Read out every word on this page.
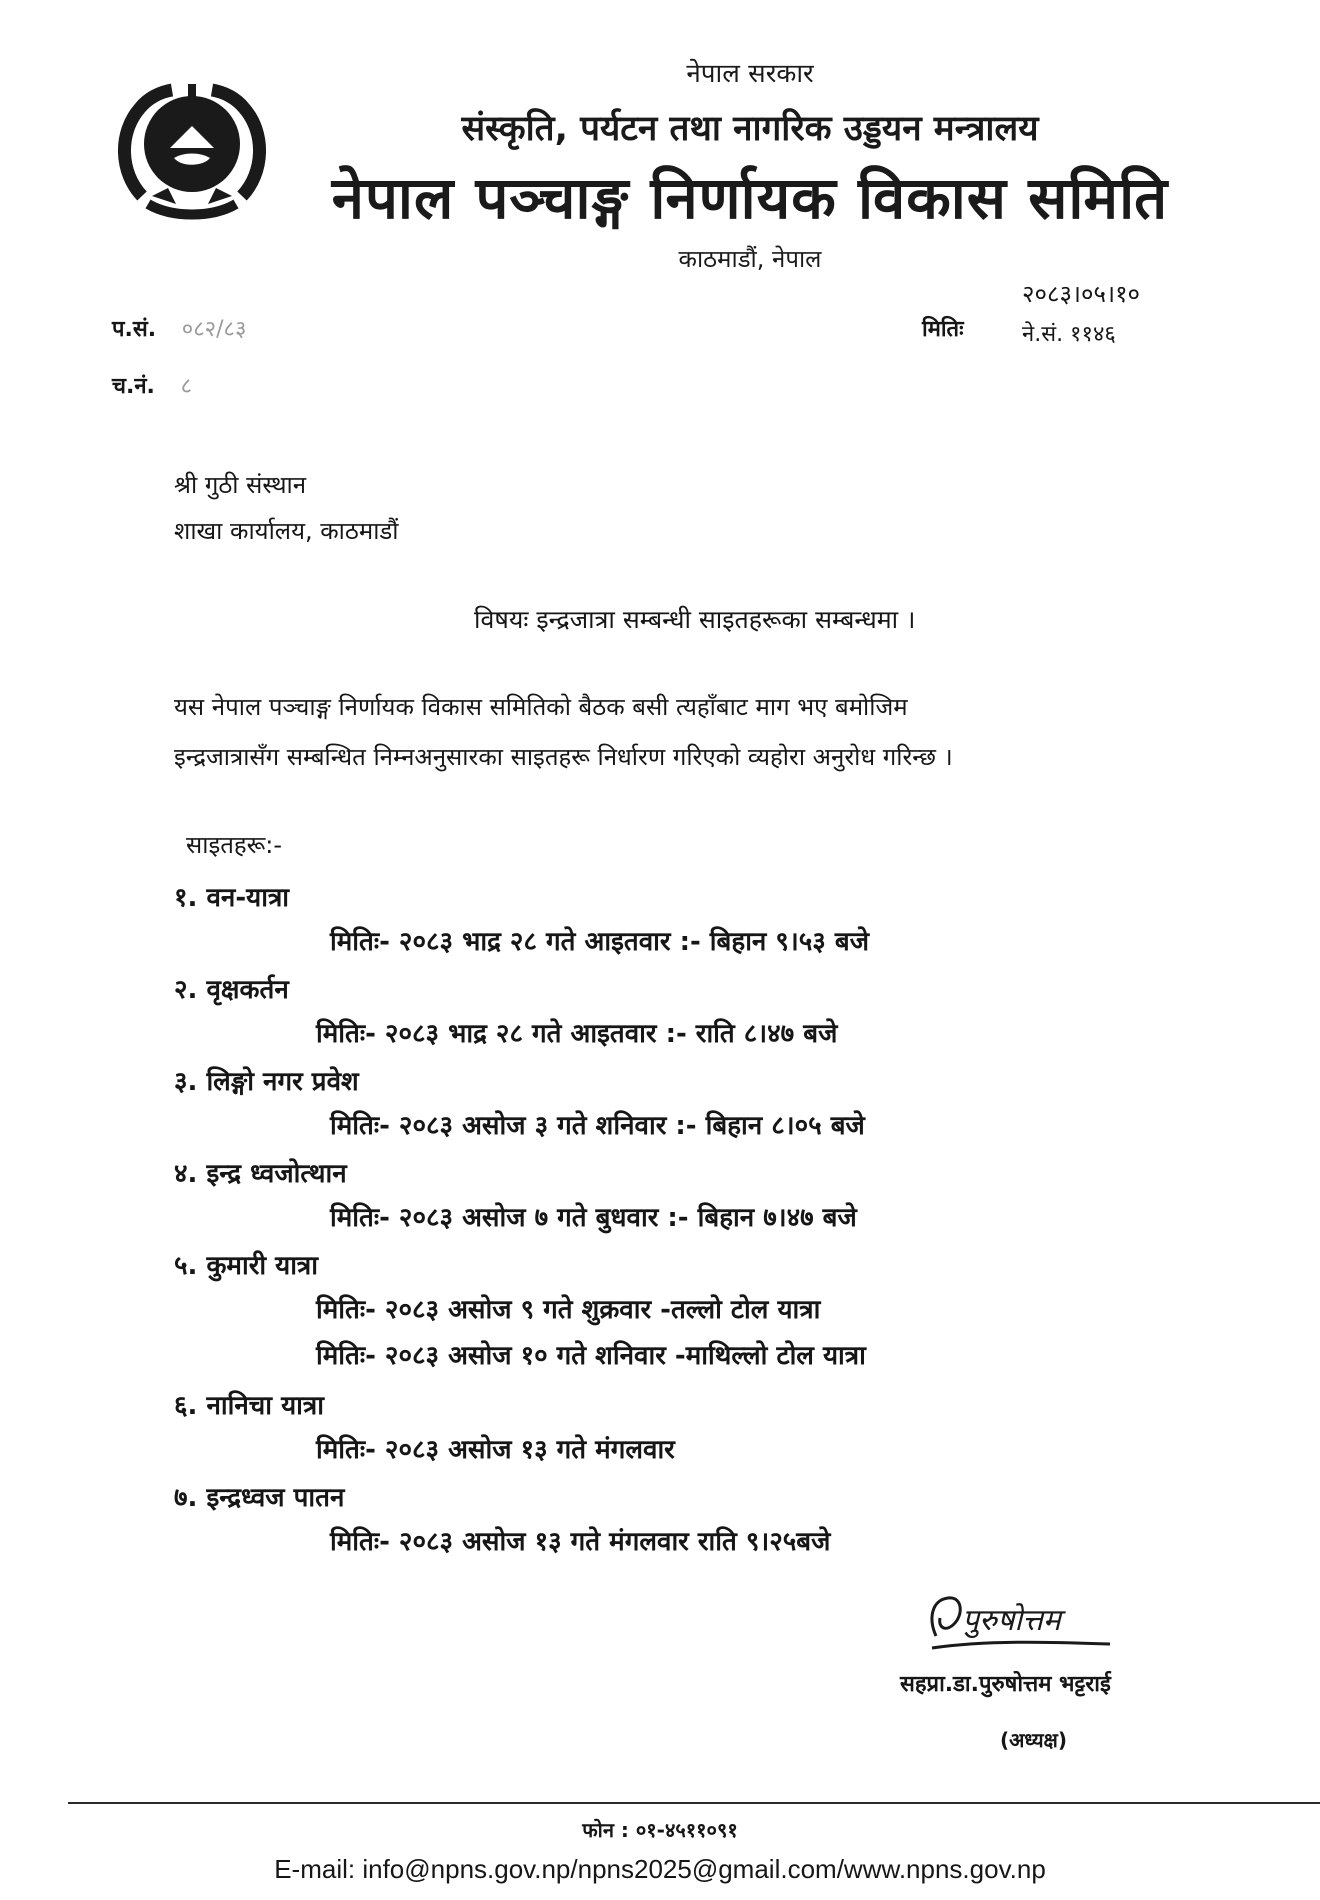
नेपाल सरकार
संस्कृति, पर्यटन तथा नागरिक उड्डयन मन्त्रालय
नेपाल पञ्चाङ्ग निर्णायक विकास समिति
काठमाडौं, नेपाल
प.सं. ०८२/८३
च.नं. ८
२०८३।०५।१०
मितिः	ने.सं. ११४६
श्री गुठी संस्थान
शाखा कार्यालय, काठमाडौं
विषयः इन्द्रजात्रा सम्बन्धी साइतहरूका सम्बन्धमा ।
यस नेपाल पञ्चाङ्ग निर्णायक विकास समितिको बैठक बसी त्यहाँबाट माग भए बमोजिम
इन्द्रजात्रासँग सम्बन्धित निम्नअनुसारका साइतहरू निर्धारण गरिएको व्यहोरा अनुरोध गरिन्छ ।
साइतहरू:-
१. वन-यात्रा
मितिः- २०८३ भाद्र २८ गते आइतवार :- बिहान ९।५३ बजे
२. वृक्षकर्तन
मितिः- २०८३ भाद्र २८ गते आइतवार :- राति ८।४७ बजे
३. लिङ्गो नगर प्रवेश
मितिः- २०८३ असोज ३ गते शनिवार :- बिहान ८।०५ बजे
४. इन्द्र ध्वजोत्थान
मितिः- २०८३ असोज ७ गते बुधवार :- बिहान ७।४७ बजे
५. कुमारी यात्रा
मितिः- २०८३ असोज ९ गते शुक्रवार -तल्लो टोल यात्रा
मितिः- २०८३ असोज १० गते शनिवार -माथिल्लो टोल यात्रा
६. नानिचा यात्रा
मितिः- २०८३ असोज १३ गते मंगलवार
७. इन्द्रध्वज पातन
मितिः- २०८३ असोज १३ गते मंगलवार राति ९।२५बजे
पुरुषोत्तम
सहप्रा.डा.पुरुषोत्तम भट्टराई
(अध्यक्ष)
फोन : ०१-४५११०९१
E-mail: info@npns.gov.np/npns2025@gmail.com/www.npns.gov.np
